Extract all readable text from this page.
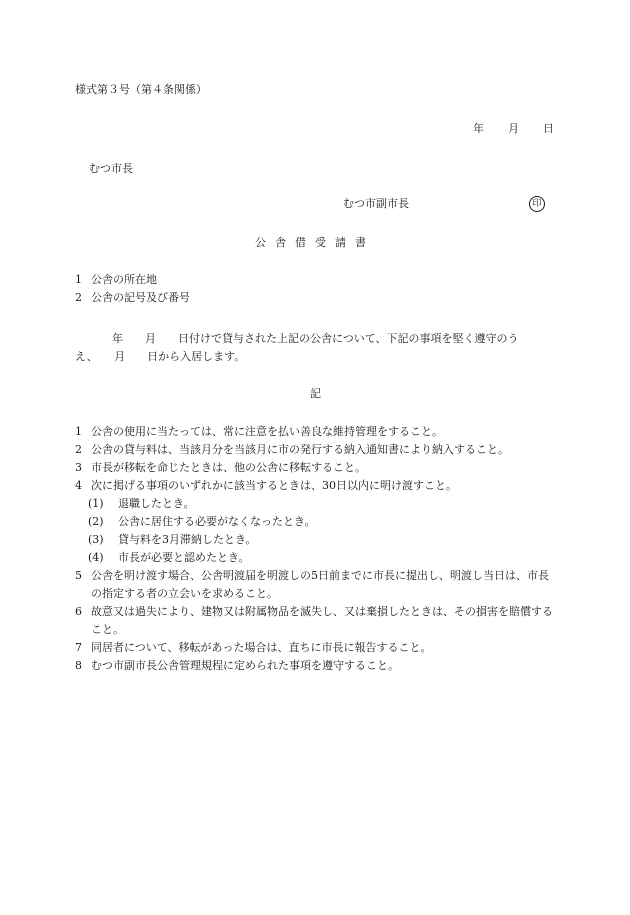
様式第３号（第４条関係）
年 月 日
むつ市長
むつ市副市長	印
公舎借受請書
1 公舎の所在地
2 公舎の記号及び番号
年　　月　　日付けで貸与された上記の公舎について、下記の事項を堅く遵守のう
え、　　月　　日から入居します。
記
1 公舎の使用に当たっては、常に注意を払い善良な維持管理をすること。
2 公舎の貸与料は、当該月分を当該月に市の発行する納入通知書により納入すること。
3 市長が移転を命じたときは、他の公舎に移転すること。
4 次に掲げる事項のいずれかに該当するときは、30日以内に明け渡すこと。
(1) 退職したとき。
(2) 公舎に居住する必要がなくなったとき。
(3) 貸与料を3月滞納したとき。
(4) 市長が必要と認めたとき。
5 公舎を明け渡す場合、公舎明渡届を明渡しの5日前までに市長に提出し、明渡し当日は、市長の指定する者の立会いを求めること。
6 故意又は過失により、建物又は附属物品を滅失し、又は棄損したときは、その損害を賠償すること。
7 同居者について、移転があった場合は、直ちに市長に報告すること。
8 むつ市副市長公舎管理規程に定められた事項を遵守すること。
